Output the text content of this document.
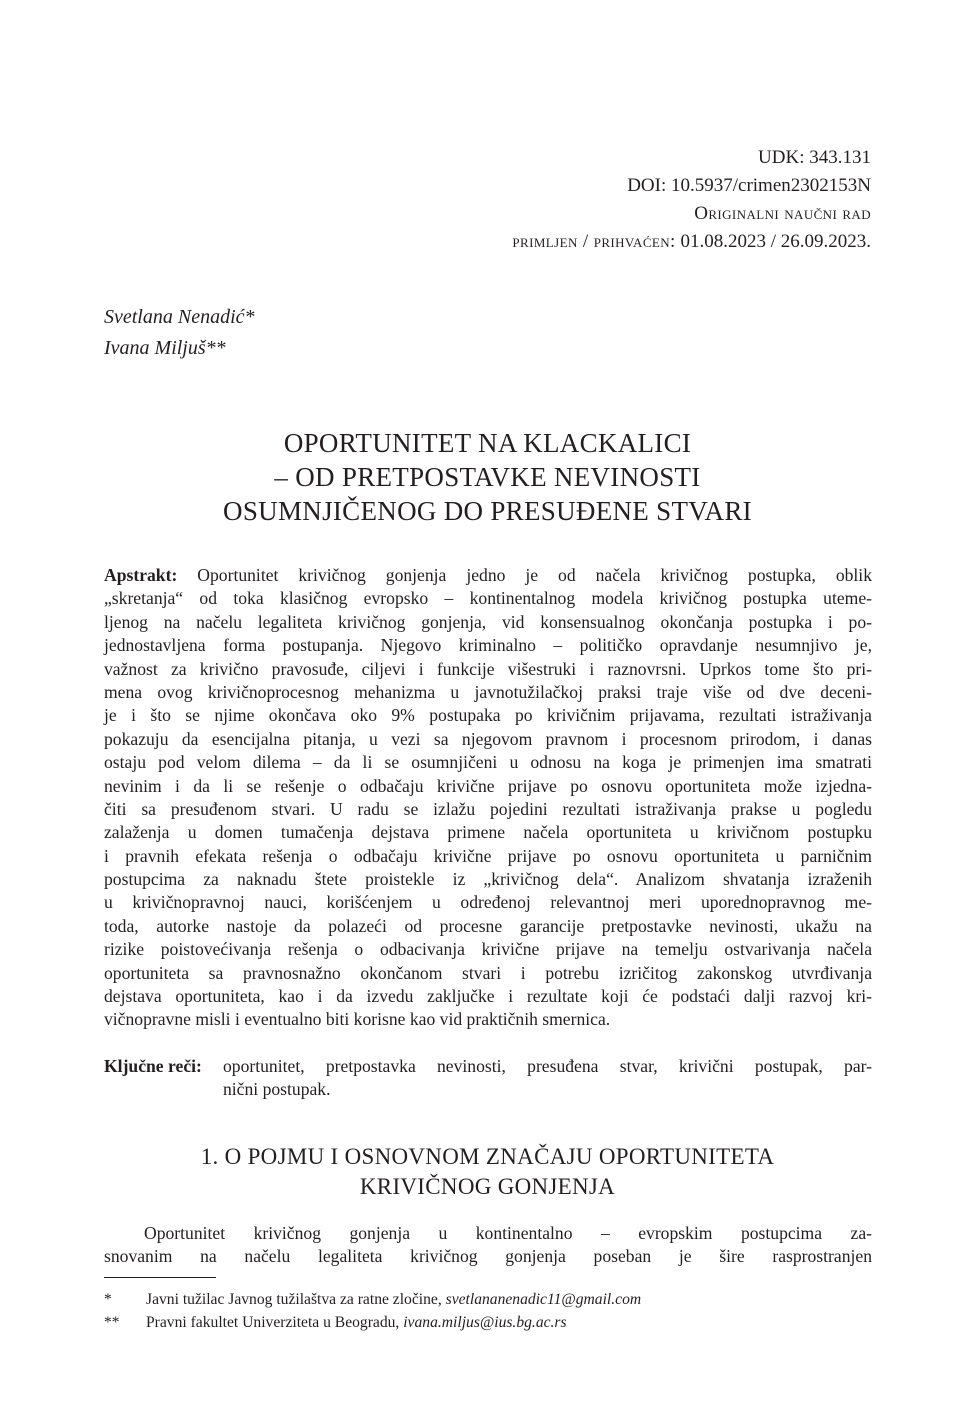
UDK: 343.131
DOI: 10.5937/crimen2302153N
Originalni naučni rad
primljen / prihvaćen: 01.08.2023 / 26.09.2023.
Svetlana Nenadić*
Ivana Miljuš**
OPORTUNITET NA KLACKALICI
– OD PRETPOSTAVKE NEVINOSTI
OSUMNJIČENOG DO PRESUĐENE STVARI
Apstrakt: Oportunitet krivičnog gonjenja jedno je od načela krivičnog postupka, oblik
„skretanja“ od toka klasičnog evropsko – kontinentalnog modela krivičnog postupka uteme-
ljenog na načelu legaliteta krivičnog gonjenja, vid konsensualnog okončanja postupka i po-
jednostavljena forma postupanja. Njegovo kriminalno – političko opravdanje nesumnjivo je,
važnost za krivično pravosuđe, ciljevi i funkcije višestruki i raznovrsni. Uprkos tome što pri-
mena ovog krivičnoprocesnog mehanizma u javnotužilačkoj praksi traje više od dve deceni-
je i što se njime okončava oko 9% postupaka po krivičnim prijavama, rezultati istraživanja
pokazuju da esencijalna pitanja, u vezi sa njegovom pravnom i procesnom prirodom, i danas
ostaju pod velom dilema – da li se osumnjičeni u odnosu na koga je primenjen ima smatrati
nevinim i da li se rešenje o odbačaju krivične prijave po osnovu oportuniteta može izjedna-
čiti sa presuđenom stvari. U radu se izlažu pojedini rezultati istraživanja prakse u pogledu
zalaženja u domen tumačenja dejstava primene načela oportuniteta u krivičnom postupku
i pravnih efekata rešenja o odbačaju krivične prijave po osnovu oportuniteta u parničnim
postupcima za naknadu štete proistekle iz „krivičnog dela“. Analizom shvatanja izraženih
u krivičnopravnoj nauci, korišćenjem u određenoj relevantnoj meri uporednopravnog me-
toda, autorke nastoje da polazeći od procesne garancije pretpostavke nevinosti, ukažu na
rizike poistovećivanja rešenja o odbacivanja krivične prijave na temelju ostvarivanja načela
oportuniteta sa pravnosnažno okončanom stvari i potrebu izričitog zakonskog utvrđivanja
dejstava oportuniteta, kao i da izvedu zaključke i rezultate koji će podstaći dalji razvoj kri-
vičnopravne misli i eventualno biti korisne kao vid praktičnih smernica.
Ključne reči: oportunitet, pretpostavka nevinosti, presuđena stvar, krivični postupak, par-
nični postupak.
1. O POJMU I OSNOVNOM ZNAČAJU OPORTUNITETA
KRIVIČNOG GONJENJA
Oportunitet krivičnog gonjenja u kontinentalno – evropskim postupcima za-
snovanim na načelu legaliteta krivičnog gonjenja poseban je šire rasprostranjen
* Javni tužilac Javnog tužilaštva za ratne zločine, svetlananenadic11@gmail.com
** Pravni fakultet Univerziteta u Beogradu, ivana.miljus@ius.bg.ac.rs
